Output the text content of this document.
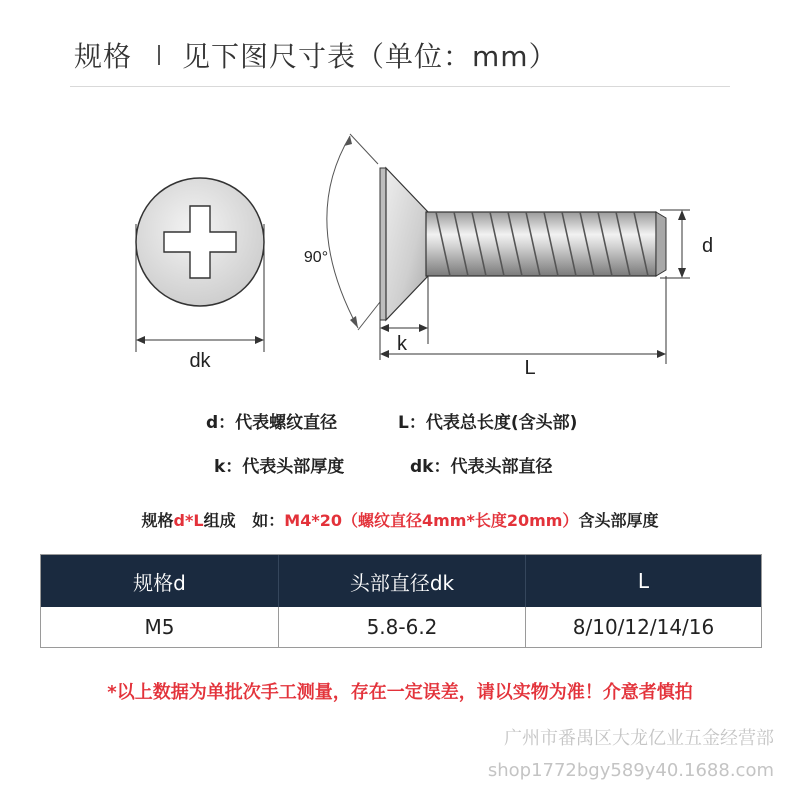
规格 见下图尺寸表（单位：mm）
dk
90°
d
k
L
d：代表螺纹直径	L：代表总长度(含头部)
k：代表头部厚度	dk：代表头部直径
规格d*L组成   如：M4*20（螺纹直径4mm*长度20mm）含头部厚度
规格d	头部直径dk	L
M5	5.8-6.2	8/10/12/14/16
*以上数据为单批次手工测量，存在一定误差，请以实物为准！介意者慎拍
广州市番禺区大龙亿业五金经营部
shop1772bgy589y40.1688.com
